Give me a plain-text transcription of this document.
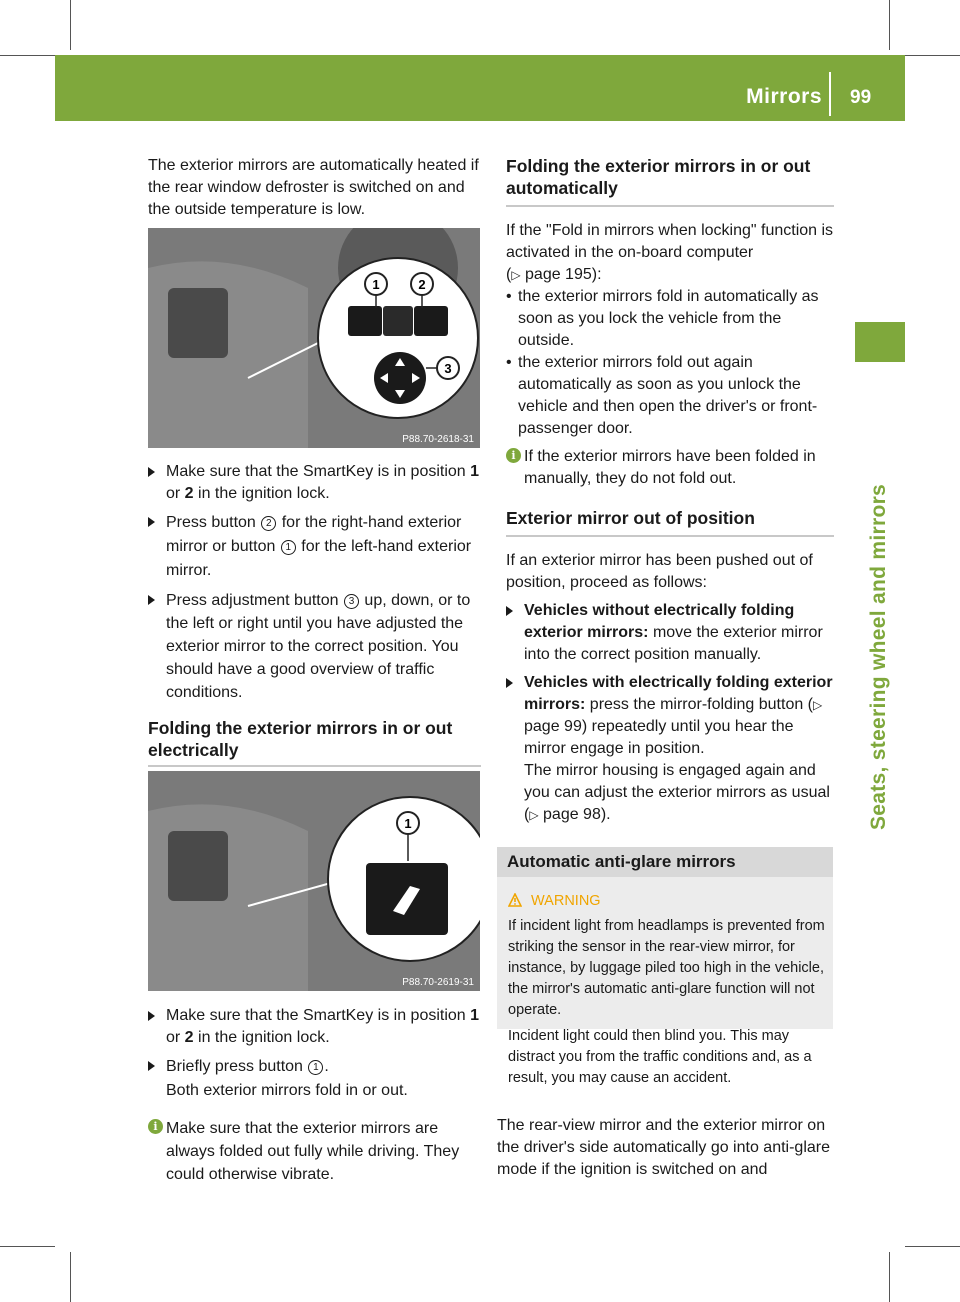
Mirrors 99
Seats, steering wheel and mirrors

The exterior mirrors are automatically heated if the rear window defroster is switched on and the outside temperature is low.

1	2
3
P88.70-2618-31
Make sure that the SmartKey is in position 1 or 2 in the ignition lock.
Press button 2 for the right-hand exterior mirror or button 1 for the left-hand exterior mirror.
Press adjustment button 3 up, down, or to the left or right until you have adjusted the exterior mirror to the correct position. You should have a good overview of traffic conditions.
Folding the exterior mirrors in or out electrically
1
P88.70-2619-31
Make sure that the SmartKey is in position 1 or 2 in the ignition lock.
Briefly press button 1 .
Both exterior mirrors fold in or out.
i Make sure that the exterior mirrors are always folded out fully while driving. They could otherwise vibrate.
Folding the exterior mirrors in or out automatically

If the "Fold in mirrors when locking" function is activated in the on-board computer
(▷ page 195):

• the exterior mirrors fold in automatically as soon as you lock the vehicle from the outside.
• the exterior mirrors fold out again automatically as soon as you unlock the vehicle and then open the driver's or front-passenger door.
i If the exterior mirrors have been folded in manually, they do not fold out.
Exterior mirror out of position

If an exterior mirror has been pushed out of position, proceed as follows:

Vehicles without electrically folding exterior mirrors: move the exterior mirror into the correct position manually.
Vehicles with electrically folding exterior mirrors: press the mirror-folding button (▷ page 99) repeatedly until you hear the mirror engage in position.
The mirror housing is engaged again and you can adjust the exterior mirrors as usual (▷ page 98).
Automatic anti-glare mirrors
WARNING

If incident light from headlamps is prevented from striking the sensor in the rear-view mirror, for instance, by luggage piled too high in the vehicle, the mirror's automatic anti-glare function will not operate.

Incident light could then blind you. This may distract you from the traffic conditions and, as a result, you may cause an accident.

The rear-view mirror and the exterior mirror on the driver's side automatically go into anti-glare mode if the ignition is switched on and
